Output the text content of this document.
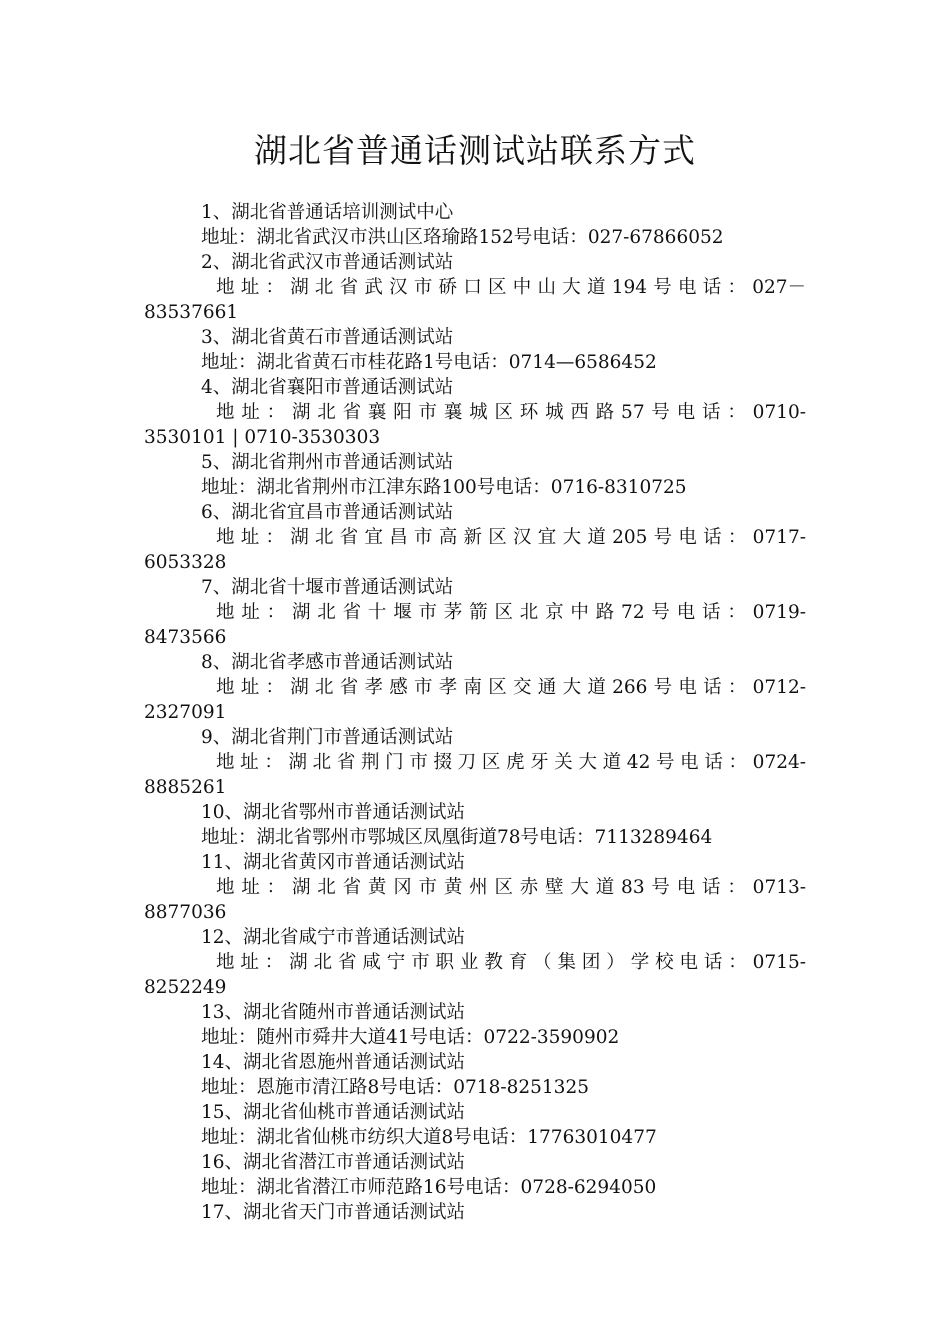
湖北省普通话测试站联系方式
1、湖北省普通话培训测试中心
地址：湖北省武汉市洪山区珞瑜路152号电话：027-67866052
2、湖北省武汉市普通话测试站
地址：湖北省武汉市硚口区中山大道194号电话：027－
83537661
3、湖北省黄石市普通话测试站
地址：湖北省黄石市桂花路1号电话：0714—6586452
4、湖北省襄阳市普通话测试站
地址：湖北省襄阳市襄城区环城西路57号电话：0710-
3530101 | 0710-3530303
5、湖北省荆州市普通话测试站
地址：湖北省荆州市江津东路100号电话：0716-8310725
6、湖北省宜昌市普通话测试站
地址：湖北省宜昌市高新区汉宜大道205号电话：0717-
6053328
7、湖北省十堰市普通话测试站
地址：湖北省十堰市茅箭区北京中路72号电话：0719-
8473566
8、湖北省孝感市普通话测试站
地址：湖北省孝感市孝南区交通大道266号电话：0712-
2327091
9、湖北省荆门市普通话测试站
地址：湖北省荆门市掇刀区虎牙关大道42号电话：0724-
8885261
10、湖北省鄂州市普通话测试站
地址：湖北省鄂州市鄂城区凤凰街道78号电话：7113289464
11、湖北省黄冈市普通话测试站
地址：湖北省黄冈市黄州区赤壁大道83号电话：0713-
8877036
12、湖北省咸宁市普通话测试站
地址：湖北省咸宁市职业教育（集团）学校电话：0715-
8252249
13、湖北省随州市普通话测试站
地址：随州市舜井大道41号电话：0722-3590902
14、湖北省恩施州普通话测试站
地址：恩施市清江路8号电话：0718-8251325
15、湖北省仙桃市普通话测试站
地址：湖北省仙桃市纺织大道8号电话：17763010477
16、湖北省潜江市普通话测试站
地址：湖北省潜江市师范路16号电话：0728-6294050
17、湖北省天门市普通话测试站
